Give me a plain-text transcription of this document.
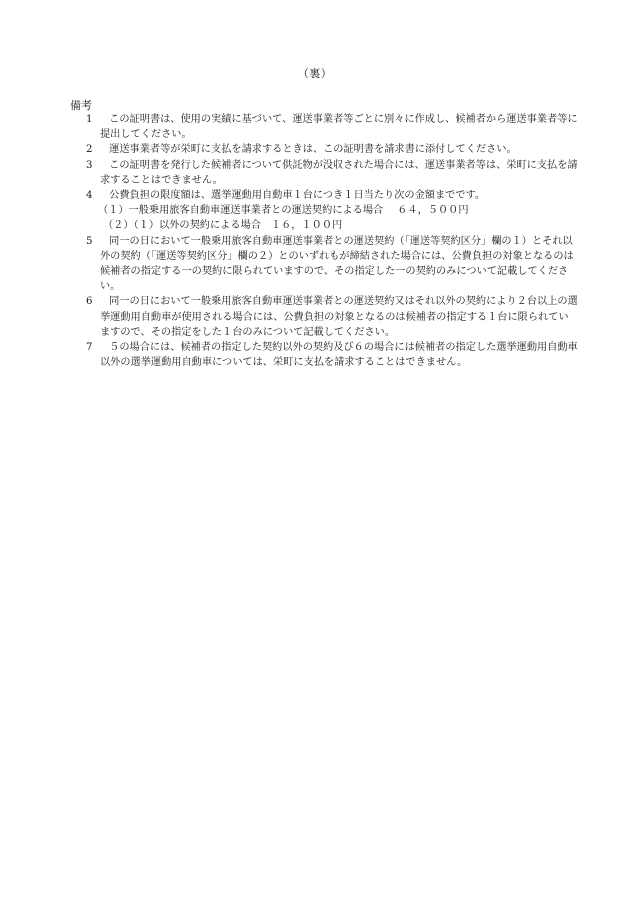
（裏）
備考
1	この証明書は、使用の実績に基づいて、運送事業者等ごとに別々に作成し、候補者から運送事業者等に提出してください。
2	運送事業者等が栄町に支払を請求するときは、この証明書を請求書に添付してください。
3	この証明書を発行した候補者について供託物が没収された場合には、運送事業者等は、栄町に支払を請求することはできません。
4	公費負担の限度額は、選挙運動用自動車１台につき１日当たり次の金額までです。
（１）一般乗用旅客自動車運送事業者との運送契約による場合 ６４，５００円
（２）（１）以外の契約による場合 １６，１００円
5	同一の日において一般乗用旅客自動車運送事業者との運送契約（「運送等契約区分」欄の１）とそれ以外の契約（「運送等契約区分」欄の２）とのいずれもが締結された場合には、公費負担の対象となるのは候補者の指定する一の契約に限られていますので、その指定した一の契約のみについて記載してください。
6	同一の日において一般乗用旅客自動車運送事業者との運送契約又はそれ以外の契約により２台以上の選挙運動用自動車が使用される場合には、公費負担の対象となるのは候補者の指定する１台に限られていますので、その指定をした１台のみについて記載してください。
7	５の場合には、候補者の指定した契約以外の契約及び６の場合には候補者の指定した選挙運動用自動車以外の選挙運動用自動車については、栄町に支払を請求することはできません。
